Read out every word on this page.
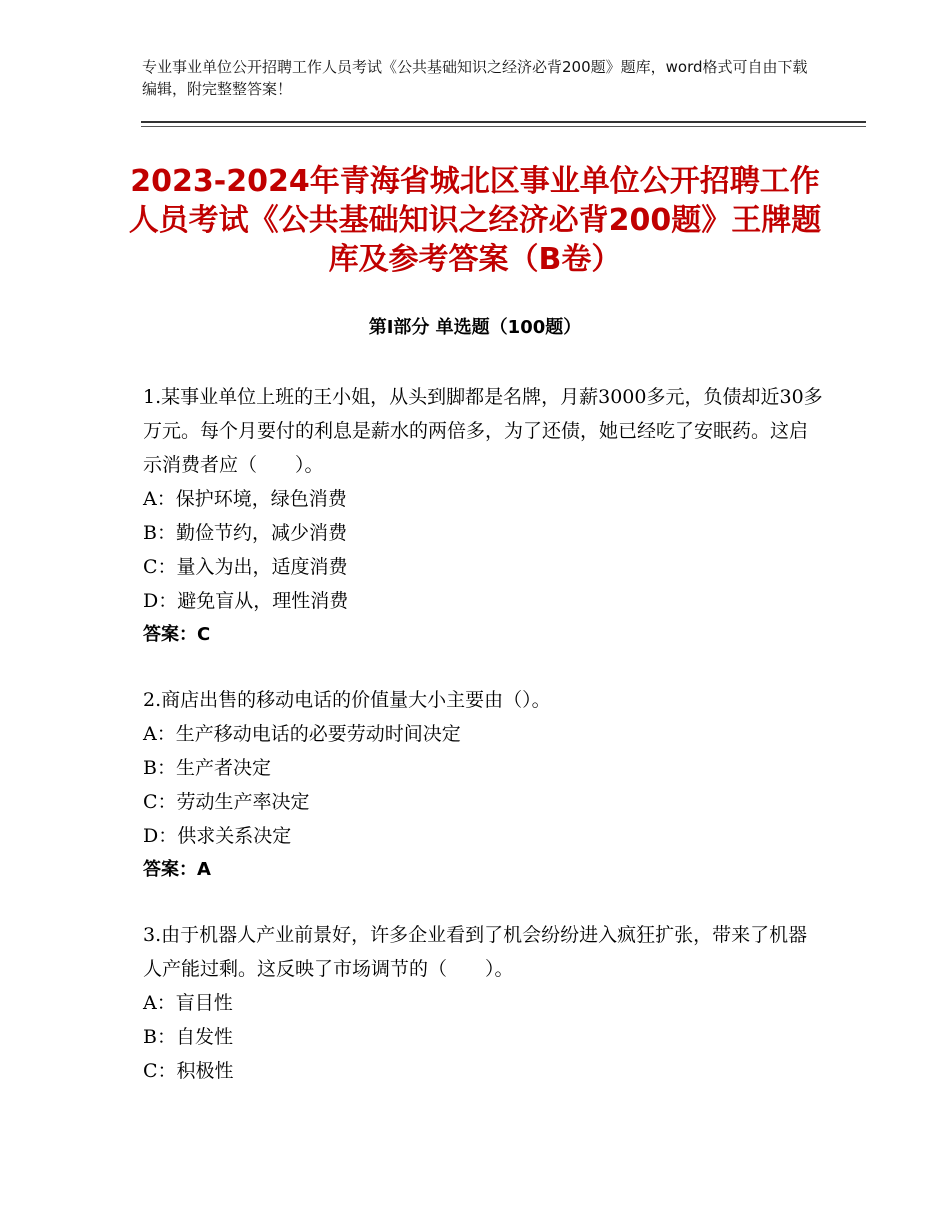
专业事业单位公开招聘工作人员考试《公共基础知识之经济必背200题》题库，word格式可自由下载编辑，附完整整答案！
2023-2024年青海省城北区事业单位公开招聘工作人员考试《公共基础知识之经济必背200题》王牌题库及参考答案（B卷）
第Ⅰ部分 单选题（100题）

1.某事业单位上班的王小姐，从头到脚都是名牌，月薪3000多元，负债却近30多万元。每个月要付的利息是薪水的两倍多，为了还债，她已经吃了安眠药。这启示消费者应（　　）。

A：保护环境，绿色消费

B：勤俭节约，减少消费

C：量入为出，适度消费

D：避免盲从，理性消费

答案：C

2.商店出售的移动电话的价值量大小主要由（）。

A：生产移动电话的必要劳动时间决定

B：生产者决定

C：劳动生产率决定

D：供求关系决定

答案：A

3.由于机器人产业前景好，许多企业看到了机会纷纷进入疯狂扩张，带来了机器人产能过剩。这反映了市场调节的（　　）。

A：盲目性

B：自发性

C：积极性
